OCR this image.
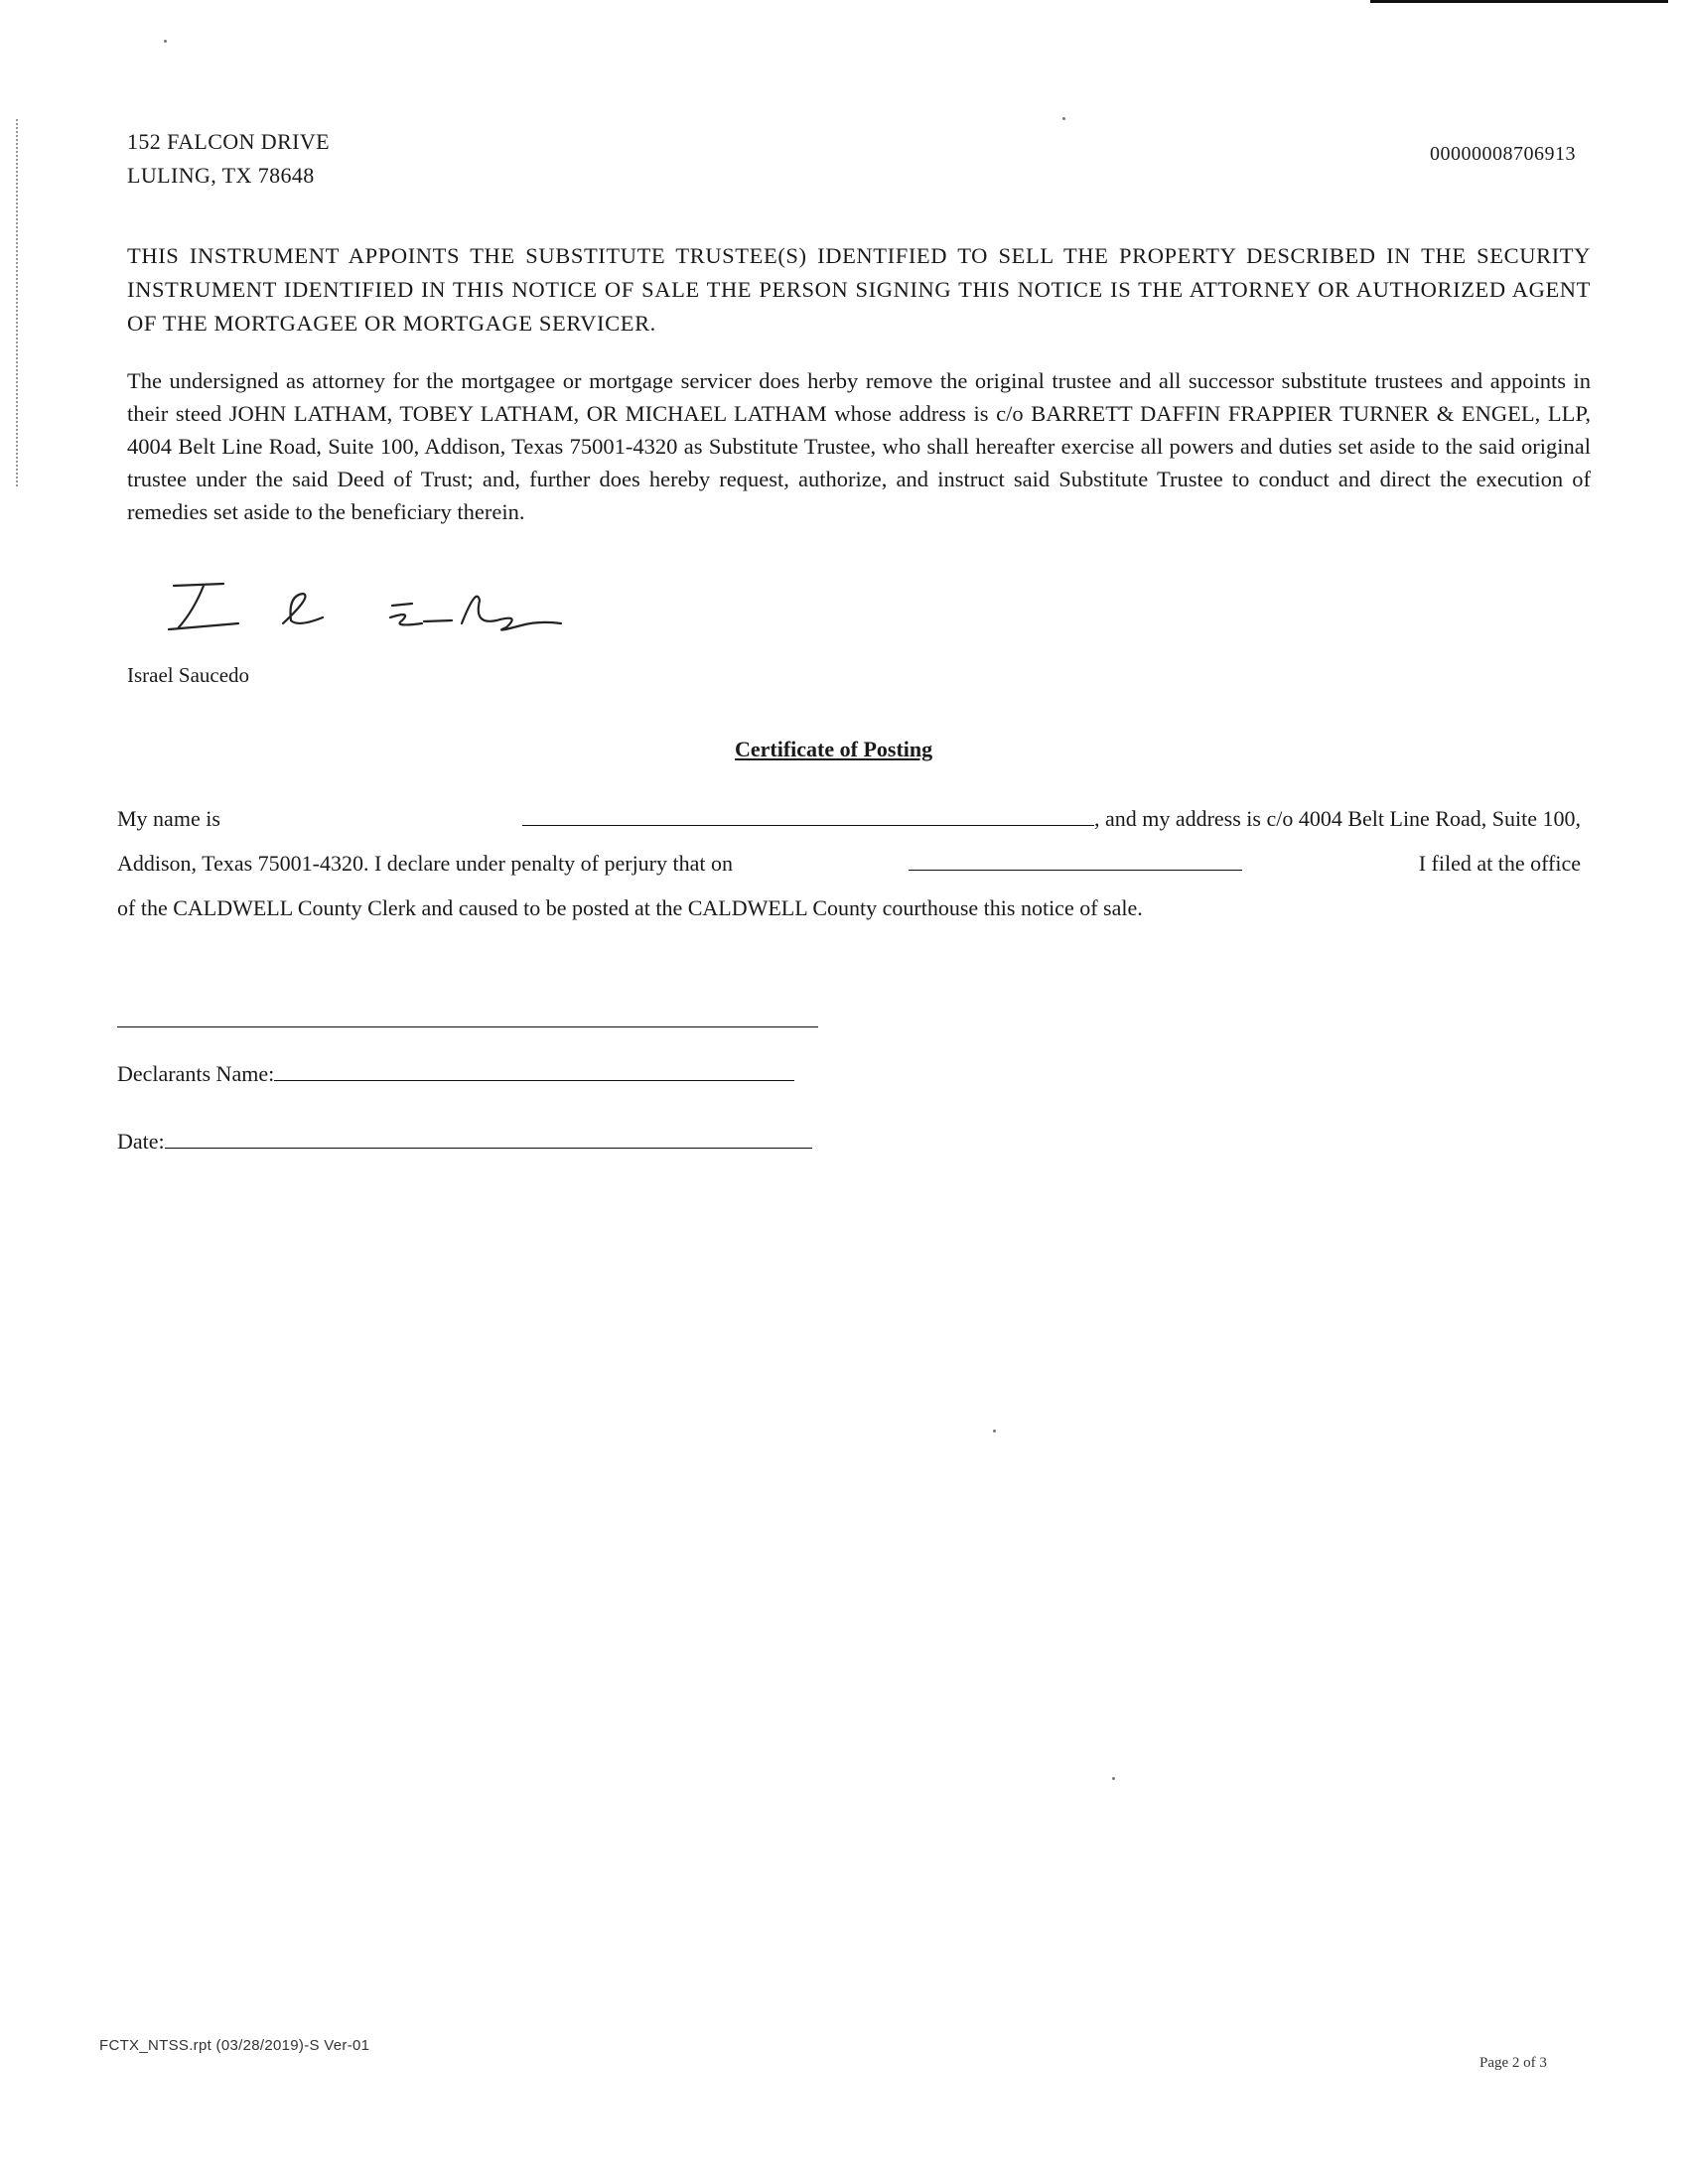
152 FALCON DRIVE
LULING, TX 78648
00000008706913

THIS INSTRUMENT APPOINTS THE SUBSTITUTE TRUSTEE(S) IDENTIFIED TO SELL THE PROPERTY DESCRIBED IN THE SECURITY INSTRUMENT IDENTIFIED IN THIS NOTICE OF SALE THE PERSON SIGNING THIS NOTICE IS THE ATTORNEY OR AUTHORIZED AGENT OF THE MORTGAGEE OR MORTGAGE SERVICER.

The undersigned as attorney for the mortgagee or mortgage servicer does herby remove the original trustee and all successor substitute trustees and appoints in their steed JOHN LATHAM, TOBEY LATHAM, OR MICHAEL LATHAM whose address is c/o BARRETT DAFFIN FRAPPIER TURNER & ENGEL, LLP, 4004 Belt Line Road, Suite 100, Addison, Texas 75001-4320 as Substitute Trustee, who shall hereafter exercise all powers and duties set aside to the said original trustee under the said Deed of Trust; and, further does hereby request, authorize, and instruct said Substitute Trustee to conduct and direct the execution of remedies set aside to the beneficiary therein.

Israel Saucedo
Certificate of Posting
My name is	, and my address is c/o 4004 Belt Line Road, Suite 100,
Addison, Texas 75001-4320. I declare under penalty of perjury that on	I filed at the office
of the CALDWELL County Clerk and caused to be posted at the CALDWELL County courthouse this notice of sale.
Declarants Name:
Date:
FCTX_NTSS.rpt (03/28/2019)-S Ver-01
Page 2 of 3
